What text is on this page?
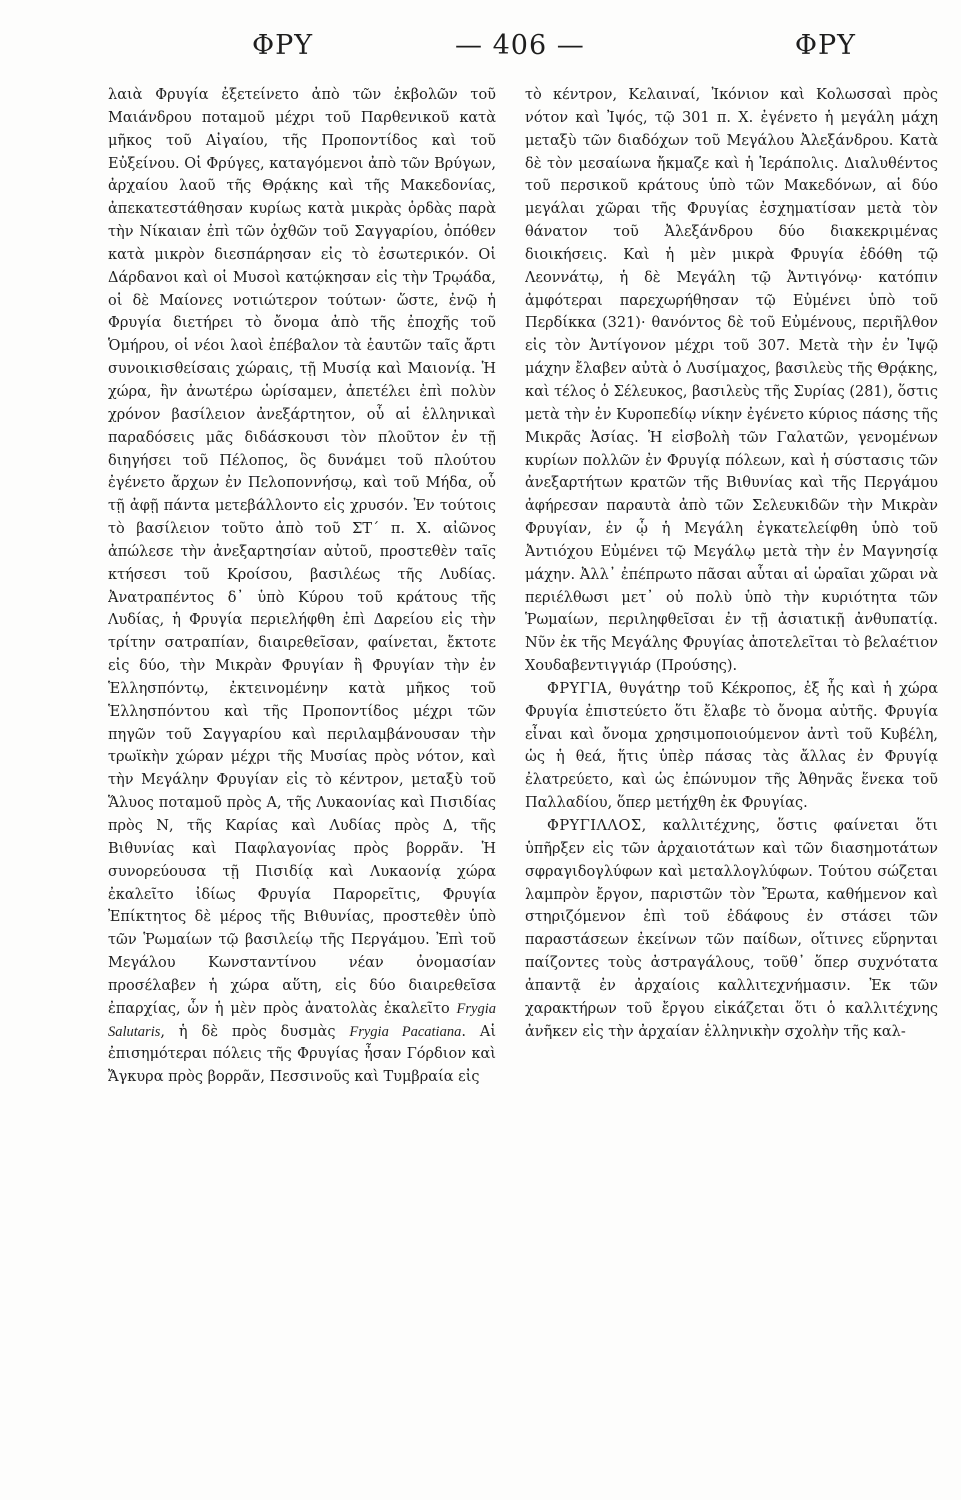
ΦΡΥ	— 406 —	ΦΡΥ

λαιὰ Φρυγία ἐξετείνετο ἀπὸ τῶν ἐκβολῶν τοῦ Μαιάνδρου ποταμοῦ μέχρι τοῦ Παρθενικοῦ κατὰ μῆκος τοῦ Αἰγαίου, τῆς Προποντίδος καὶ τοῦ Εὐξείνου. Οἱ Φρύγες, καταγόμενοι ἀπὸ τῶν Βρύγων, ἀρχαίου λαοῦ τῆς Θρᾴκης καὶ τῆς Μακεδονίας, ἀπεκατεστάθησαν κυρίως κατὰ μικρὰς ὁρδὰς παρὰ τὴν Νίκαιαν ἐπὶ τῶν ὀχθῶν τοῦ Σαγγαρίου, ὁπόθεν κατὰ μικρὸν διεσπάρησαν εἰς τὸ ἐσωτερικόν. Οἱ Δάρδανοι καὶ οἱ Μυσοὶ κατῴκησαν εἰς τὴν Τρῳάδα, οἱ δὲ Μαίονες νοτιώτερον τούτων· ὥστε, ἐνῷ ἡ Φρυγία διετήρει τὸ ὄνομα ἀπὸ τῆς ἐποχῆς τοῦ Ὁμήρου, οἱ νέοι λαοὶ ἐπέβαλον τὰ ἑαυτῶν ταῖς ἄρτι συνοικισθείσαις χώραις, τῇ Μυσίᾳ καὶ Μαιονίᾳ. Ἡ χώρα, ἣν ἀνωτέρω ὡρίσαμεν, ἀπετέλει ἐπὶ πολὺν χρόνον βασίλειον ἀνεξάρτητον, οὗ αἱ ἑλληνικαὶ παραδόσεις μᾶς διδάσκουσι τὸν πλοῦτον ἐν τῇ διηγήσει τοῦ Πέλοπος, ὃς δυνάμει τοῦ πλούτου ἐγένετο ἄρχων ἐν Πελοποννήσῳ, καὶ τοῦ Μήδα, οὗ τῇ ἀφῇ πάντα μετεβάλλοντο εἰς χρυσόν. Ἐν τούτοις τὸ βασίλειον τοῦτο ἀπὸ τοῦ ΣΤ´ π. Χ. αἰῶνος ἀπώλεσε τὴν ἀνεξαρτησίαν αὐτοῦ, προστεθὲν ταῖς κτήσεσι τοῦ Κροίσου, βασιλέως τῆς Λυδίας. Ἀνατραπέντος δ᾽ ὑπὸ Κύρου τοῦ κράτους τῆς Λυδίας, ἡ Φρυγία περιελήφθη ἐπὶ Δαρείου εἰς τὴν τρίτην σατραπίαν, διαιρεθεῖσαν, φαίνεται, ἔκτοτε εἰς δύο, τὴν Μικρὰν Φρυγίαν ἢ Φρυγίαν τὴν ἐν Ἑλλησπόντῳ, ἐκτεινομένην κατὰ μῆκος τοῦ Ἑλλησπόντου καὶ τῆς Προποντίδος μέχρι τῶν πηγῶν τοῦ Σαγγαρίου καὶ περιλαμβάνουσαν τὴν τρωϊκὴν χώραν μέχρι τῆς Μυσίας πρὸς νότον, καὶ τὴν Μεγάλην Φρυγίαν εἰς τὸ κέντρον, μεταξὺ τοῦ Ἅλυος ποταμοῦ πρὸς Α, τῆς Λυκαονίας καὶ Πισιδίας πρὸς Ν, τῆς Καρίας καὶ Λυδίας πρὸς Δ, τῆς Βιθυνίας καὶ Παφλαγονίας πρὸς βορρᾶν. Ἡ συνορεύουσα τῇ Πισιδίᾳ καὶ Λυκαονίᾳ χώρα ἐκαλεῖτο ἰδίως Φρυγία Παρορεῖτις, Φρυγία Ἐπίκτητος δὲ μέρος τῆς Βιθυνίας, προστεθὲν ὑπὸ τῶν Ῥωμαίων τῷ βασιλείῳ τῆς Περγάμου. Ἐπὶ τοῦ Μεγάλου Κωνσταντίνου νέαν ὀνομασίαν προσέλαβεν ἡ χώρα αὕτη, εἰς δύο διαιρεθεῖσα ἐπαρχίας, ὧν ἡ μὲν πρὸς ἀνατολὰς ἐκαλεῖτο Frygia Salutaris, ἡ δὲ πρὸς δυσμὰς Frygia Pacatiana. Αἱ ἐπισημότεραι πόλεις τῆς Φρυγίας ἦσαν Γόρδιον καὶ Ἄγκυρα πρὸς βορρᾶν, Πεσσινοῦς καὶ Τυμβραία εἰς

τὸ κέντρον, Κελαιναί, Ἰκόνιον καὶ Κολωσσαὶ πρὸς νότον καὶ Ἰψός, τῷ 301 π. Χ. ἐγένετο ἡ μεγάλη μάχη μεταξὺ τῶν διαδόχων τοῦ Μεγάλου Ἀλεξάνδρου. Κατὰ δὲ τὸν μεσαίωνα ἤκμαζε καὶ ἡ Ἱεράπολις. Διαλυθέντος τοῦ περσικοῦ κράτους ὑπὸ τῶν Μακεδόνων, αἱ δύο μεγάλαι χῶραι τῆς Φρυγίας ἐσχηματίσαν μετὰ τὸν θάνατον τοῦ Ἀλεξάνδρου δύο διακεκριμένας διοικήσεις. Καὶ ἡ μὲν μικρὰ Φρυγία ἐδόθη τῷ Λεοννάτῳ, ἡ δὲ Μεγάλη τῷ Ἀντιγόνῳ· κατόπιν ἀμφότεραι παρεχωρήθησαν τῷ Εὐμένει ὑπὸ τοῦ Περδίκκα (321)· θανόντος δὲ τοῦ Εὐμένους, περιῆλθον εἰς τὸν Ἀντίγονον μέχρι τοῦ 307. Μετὰ τὴν ἐν Ἰψῷ μάχην ἔλαβεν αὐτὰ ὁ Λυσίμαχος, βασιλεὺς τῆς Θρᾴκης, καὶ τέλος ὁ Σέλευκος, βασιλεὺς τῆς Συρίας (281), ὅστις μετὰ τὴν ἐν Κυροπεδίῳ νίκην ἐγένετο κύριος πάσης τῆς Μικρᾶς Ἀσίας. Ἡ εἰσβολὴ τῶν Γαλατῶν, γενομένων κυρίων πολλῶν ἐν Φρυγίᾳ πόλεων, καὶ ἡ σύστασις τῶν ἀνεξαρτήτων κρατῶν τῆς Βιθυνίας καὶ τῆς Περγάμου ἀφήρεσαν παραυτὰ ἀπὸ τῶν Σελευκιδῶν τὴν Μικρὰν Φρυγίαν, ἐν ᾧ ἡ Μεγάλη ἐγκατελείφθη ὑπὸ τοῦ Ἀντιόχου Εὐμένει τῷ Μεγάλῳ μετὰ τὴν ἐν Μαγνησίᾳ μάχην. Ἀλλ᾽ ἐπέπρωτο πᾶσαι αὗται αἱ ὡραῖαι χῶραι νὰ περιέλθωσι μετ᾽ οὐ πολὺ ὑπὸ τὴν κυριότητα τῶν Ῥωμαίων, περιληφθεῖσαι ἐν τῇ ἀσιατικῇ ἀνθυπατίᾳ. Νῦν ἐκ τῆς Μεγάλης Φρυγίας ἀποτελεῖται τὸ βελαέτιον Χουδαβεντιγγιάρ (Προύσης).

ΦΡΥΓΙΑ, θυγάτηρ τοῦ Κέκροπος, ἐξ ἧς καὶ ἡ χώρα Φρυγία ἐπιστεύετο ὅτι ἔλαβε τὸ ὄνομα αὐτῆς. Φρυγία εἶναι καὶ ὄνομα χρησιμοποιούμενον ἀντὶ τοῦ Κυβέλη, ὡς ἡ θεά, ἥτις ὑπὲρ πάσας τὰς ἄλλας ἐν Φρυγίᾳ ἐλατρεύετο, καὶ ὡς ἐπώνυμον τῆς Ἀθηνᾶς ἕνεκα τοῦ Παλλαδίου, ὅπερ μετήχθη ἐκ Φρυγίας.

ΦΡΥΓΙΛΛΟΣ, καλλιτέχνης, ὅστις φαίνεται ὅτι ὑπῆρξεν εἰς τῶν ἀρχαιοτάτων καὶ τῶν διασημοτάτων σφραγιδογλύφων καὶ μεταλλογλύφων. Τούτου σώζεται λαμπρὸν ἔργον, παριστῶν τὸν Ἔρωτα, καθήμενον καὶ στηριζόμενον ἐπὶ τοῦ ἐδάφους ἐν στάσει τῶν παραστάσεων ἐκείνων τῶν παίδων, οἵτινες εὕρηνται παίζοντες τοὺς ἀστραγάλους, τοῦθ᾽ ὅπερ συχνότατα ἀπαντᾷ ἐν ἀρχαίοις καλλιτεχνήμασιν. Ἐκ τῶν χαρακτήρων τοῦ ἔργου εἰκάζεται ὅτι ὁ καλλιτέχνης ἀνῆκεν εἰς τὴν ἀρχαίαν ἑλληνικὴν σχολὴν τῆς καλ-
